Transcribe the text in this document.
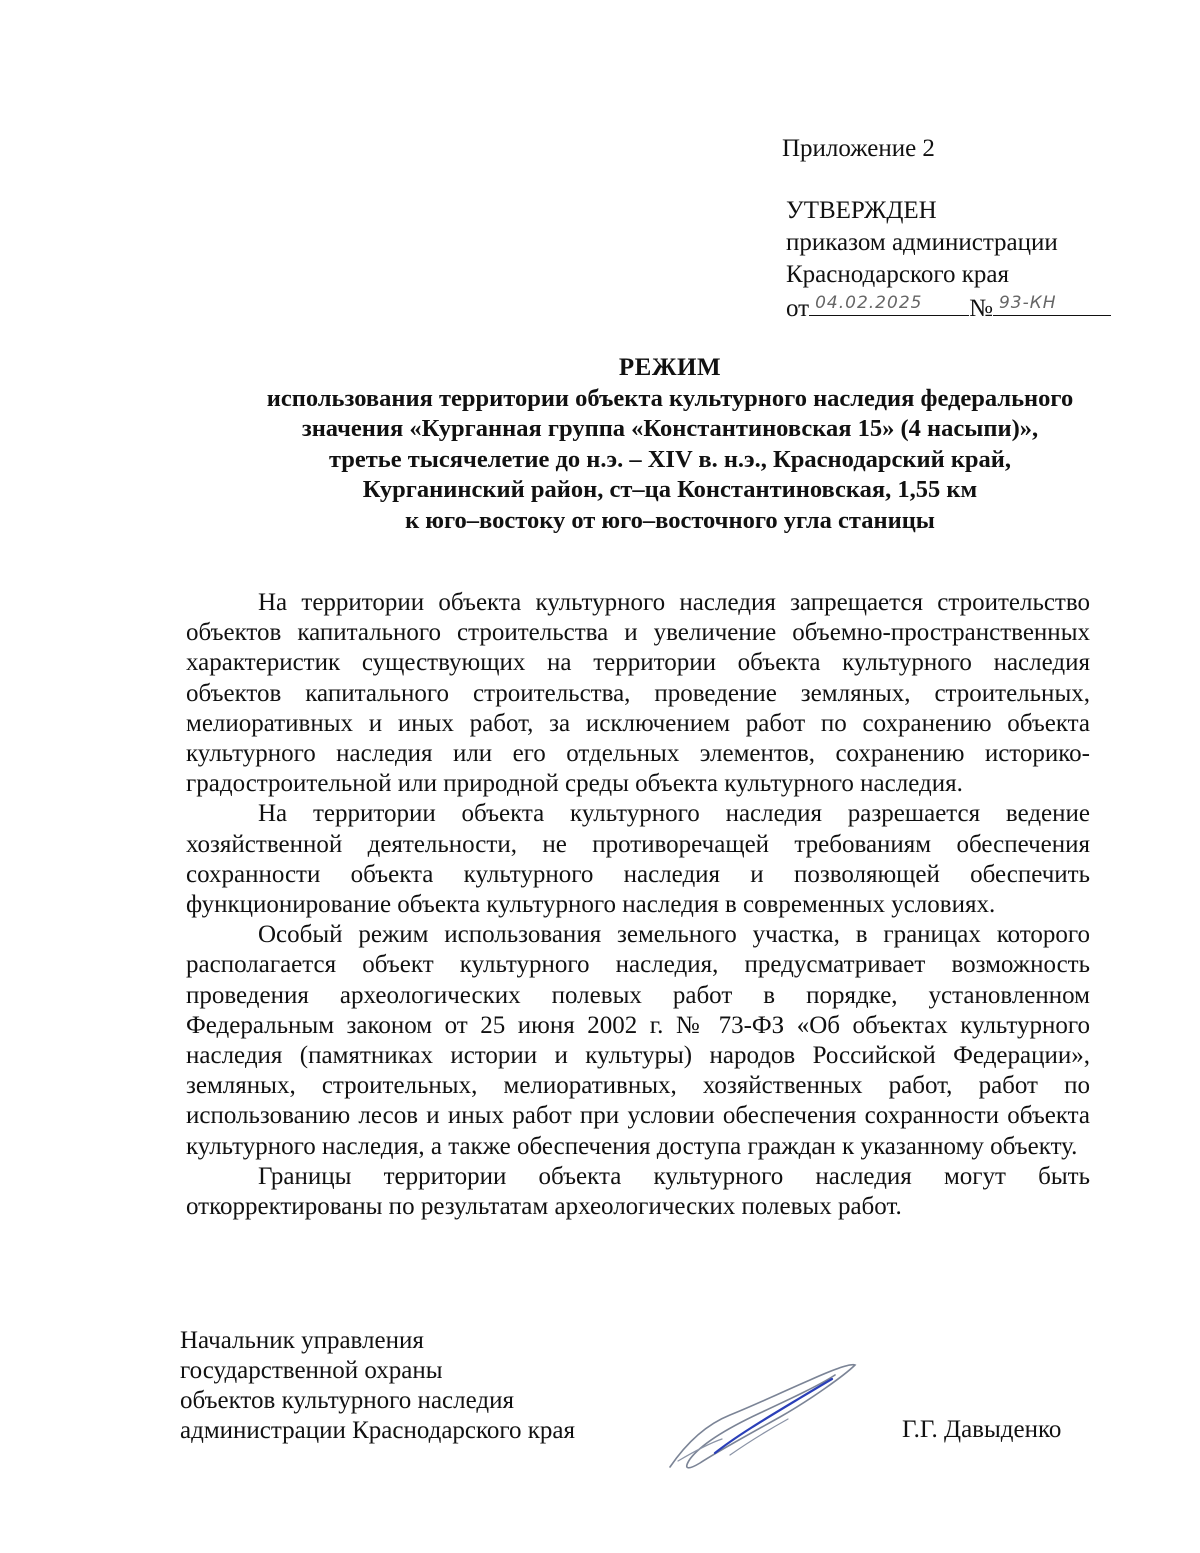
Приложение 2
УТВЕРЖДЕН
приказом администрации
Краснодарского края
от 04.02.2025 № 93-КН
РЕЖИМ
использования территории объекта культурного наследия федерального
значения «Курганная группа «Константиновская 15» (4 насыпи)»,
третье тысячелетие до н.э. – XIV в. н.э., Краснодарский край,
Курганинский район, ст–ца Константиновская, 1,55 км
к юго–востоку от юго–восточного угла станицы

На территории объекта культурного наследия запрещается строительство объектов капитального строительства и увеличение объемно-пространственных характеристик существующих на территории объекта культурного наследия объектов капитального строительства, проведение земляных, строительных, мелиоративных и иных работ, за исключением работ по сохранению объекта культурного наследия или его отдельных элементов, сохранению историко-градостроительной или природной среды объекта культурного наследия.

На территории объекта культурного наследия разрешается ведение хозяйственной деятельности, не противоречащей требованиям обеспечения сохранности объекта культурного наследия и позволяющей обеспечить функционирование объекта культурного наследия в современных условиях.

Особый режим использования земельного участка, в границах которого располагается объект культурного наследия, предусматривает возможность проведения археологических полевых работ в порядке, установленном Федеральным законом от 25 июня 2002 г. № 73-ФЗ «Об объектах культурного наследия (памятниках истории и культуры) народов Российской Федерации», земляных, строительных, мелиоративных, хозяйственных работ, работ по использованию лесов и иных работ при условии обеспечения сохранности объекта культурного наследия, а также обеспечения доступа граждан к указанному объекту.

Границы территории объекта культурного наследия могут быть откорректированы по результатам археологических полевых работ.

Начальник управления
государственной охраны
объектов культурного наследия
администрации Краснодарского края	Г.Г. Давыденко
